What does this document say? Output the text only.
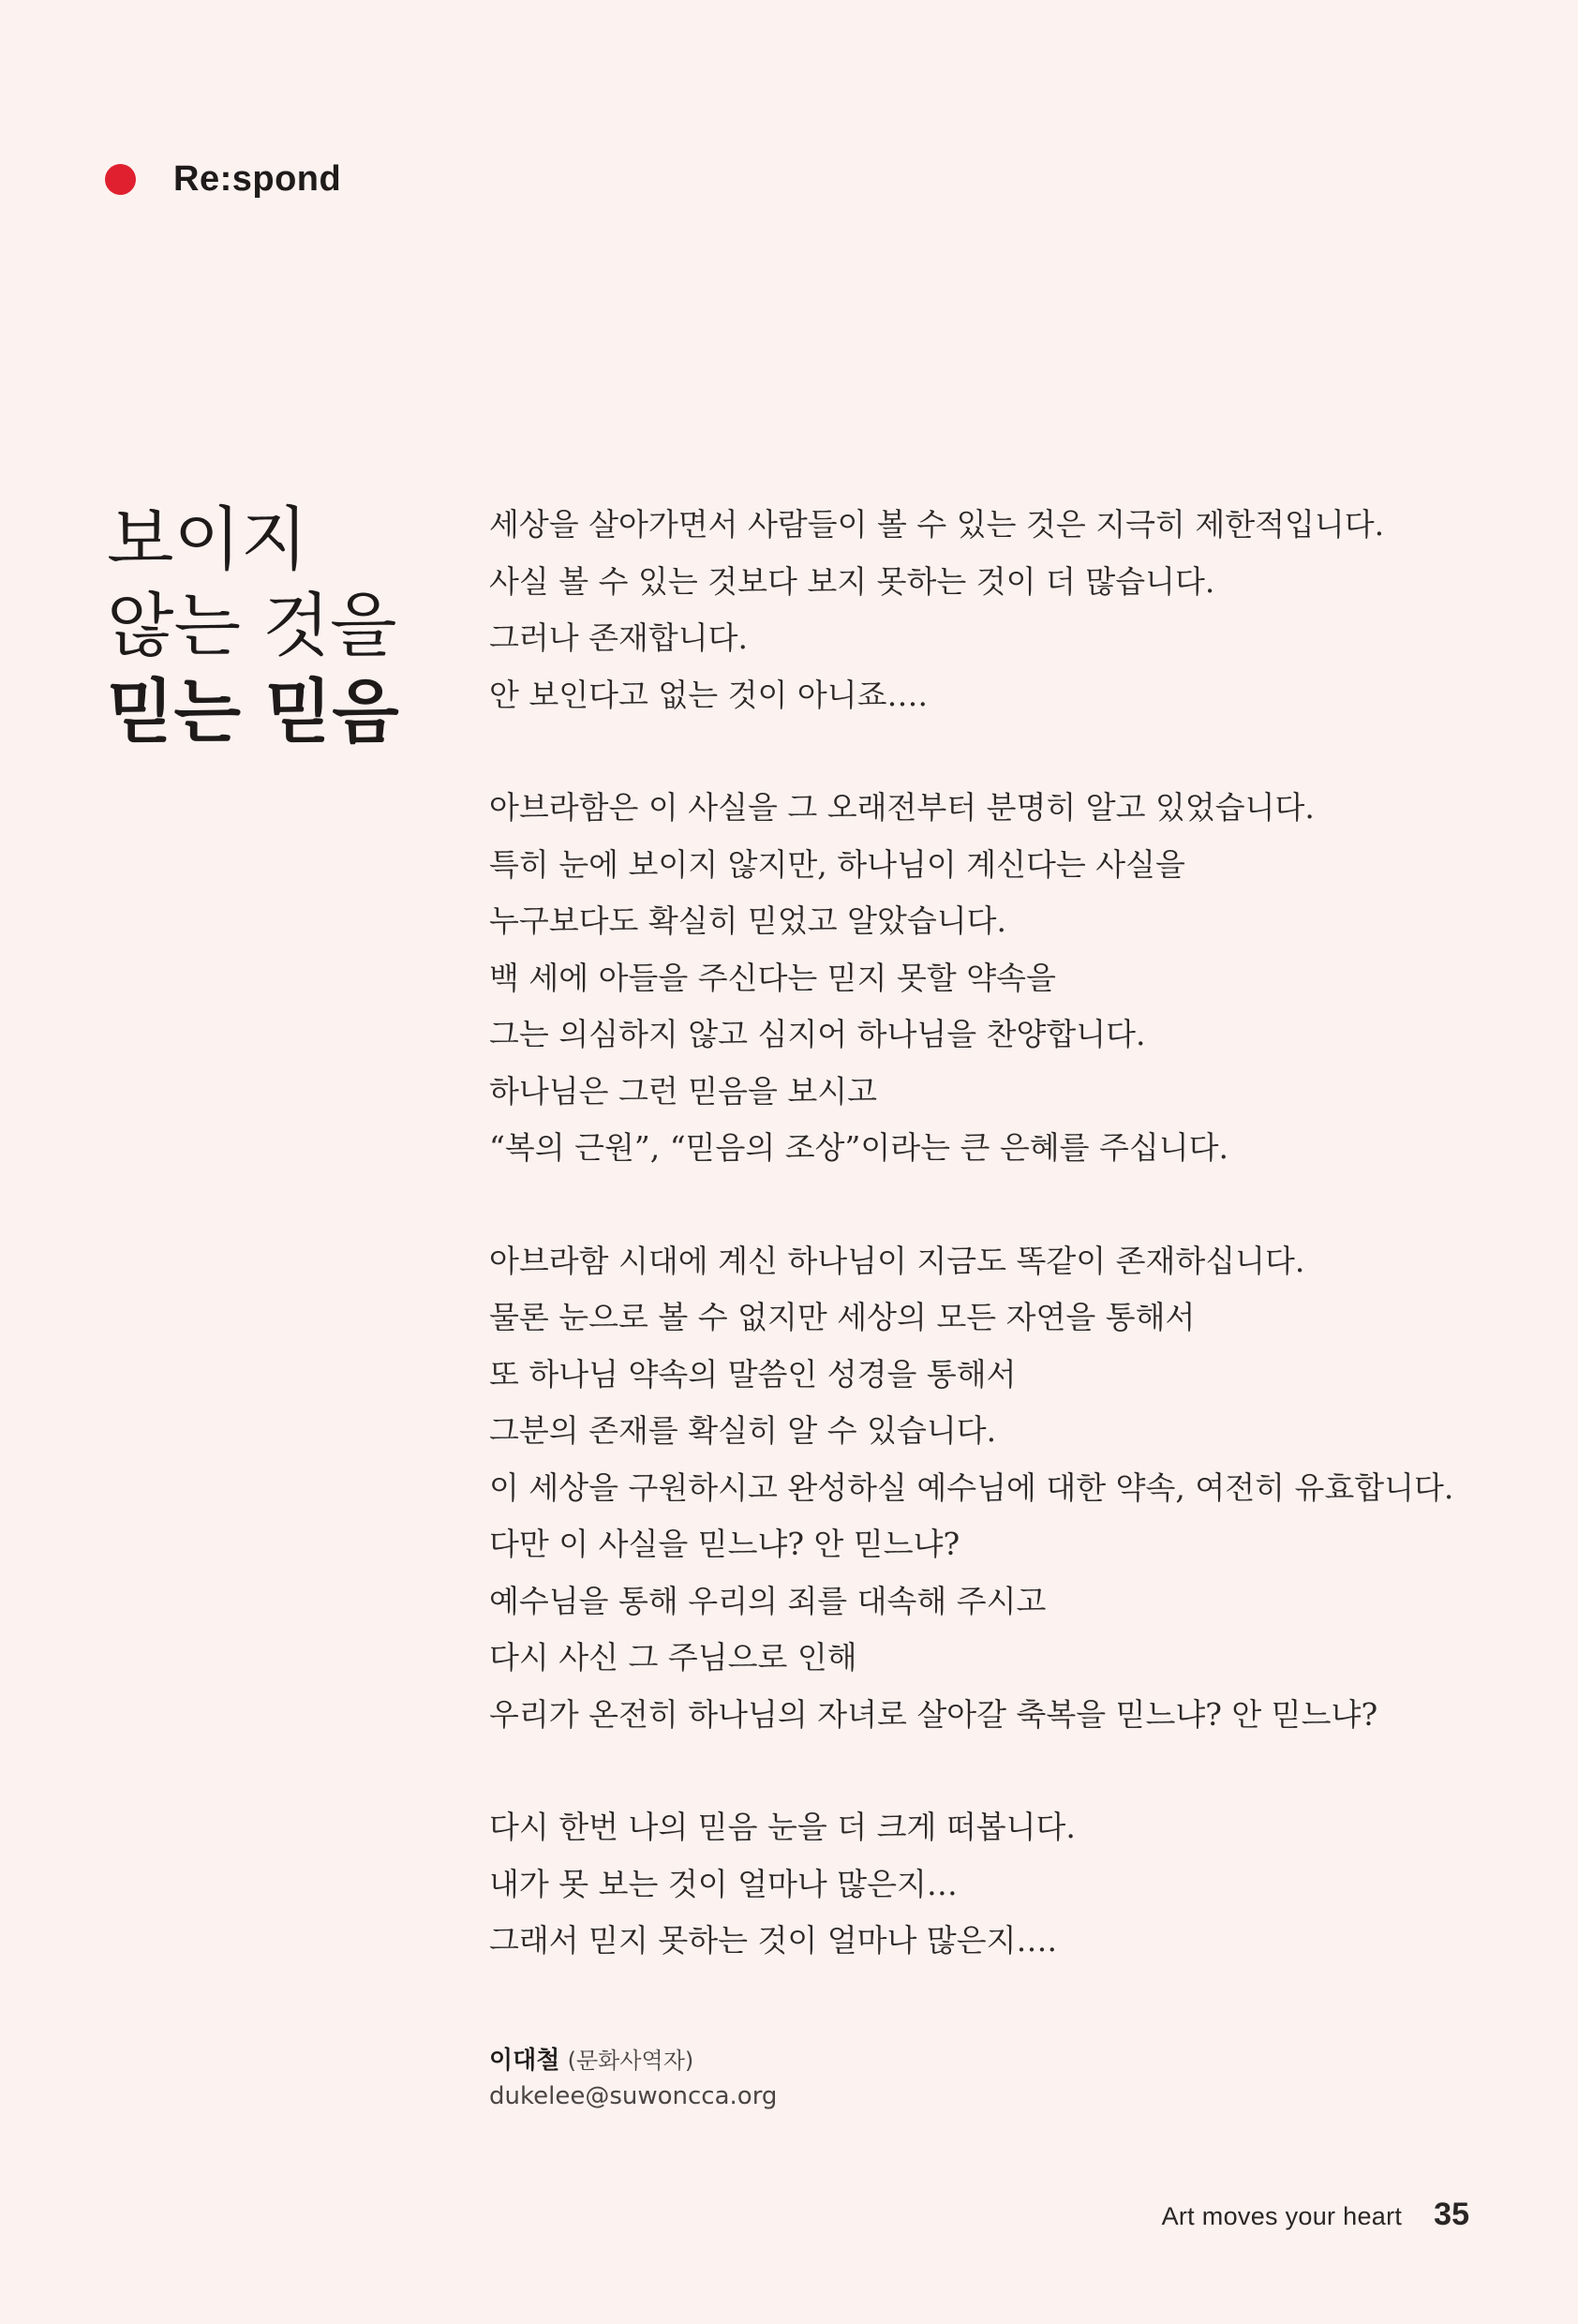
Re:spond
보이지
않는 것을
믿는 믿음
세상을 살아가면서 사람들이 볼 수 있는 것은 지극히 제한적입니다.
사실 볼 수 있는 것보다 보지 못하는 것이 더 많습니다.
그러나 존재합니다.
안 보인다고 없는 것이 아니죠….
아브라함은 이 사실을 그 오래전부터 분명히 알고 있었습니다.
특히 눈에 보이지 않지만, 하나님이 계신다는 사실을
누구보다도 확실히 믿었고 알았습니다.
백 세에 아들을 주신다는 믿지 못할 약속을
그는 의심하지 않고 심지어 하나님을 찬양합니다.
하나님은 그런 믿음을 보시고
“복의 근원”, “믿음의 조상”이라는 큰 은혜를 주십니다.
아브라함 시대에 계신 하나님이 지금도 똑같이 존재하십니다.
물론 눈으로 볼 수 없지만 세상의 모든 자연을 통해서
또 하나님 약속의 말씀인 성경을 통해서
그분의 존재를 확실히 알 수 있습니다.
이 세상을 구원하시고 완성하실 예수님에 대한 약속, 여전히 유효합니다.
다만 이 사실을 믿느냐? 안 믿느냐?
예수님을 통해 우리의 죄를 대속해 주시고
다시 사신 그 주님으로 인해
우리가 온전히 하나님의 자녀로 살아갈 축복을 믿느냐? 안 믿느냐?
다시 한번 나의 믿음 눈을 더 크게 떠봅니다.
내가 못 보는 것이 얼마나 많은지…
그래서 믿지 못하는 것이 얼마나 많은지….
이대철 (문화사역자)
dukelee@suwoncca.org
Art moves your heart 35
